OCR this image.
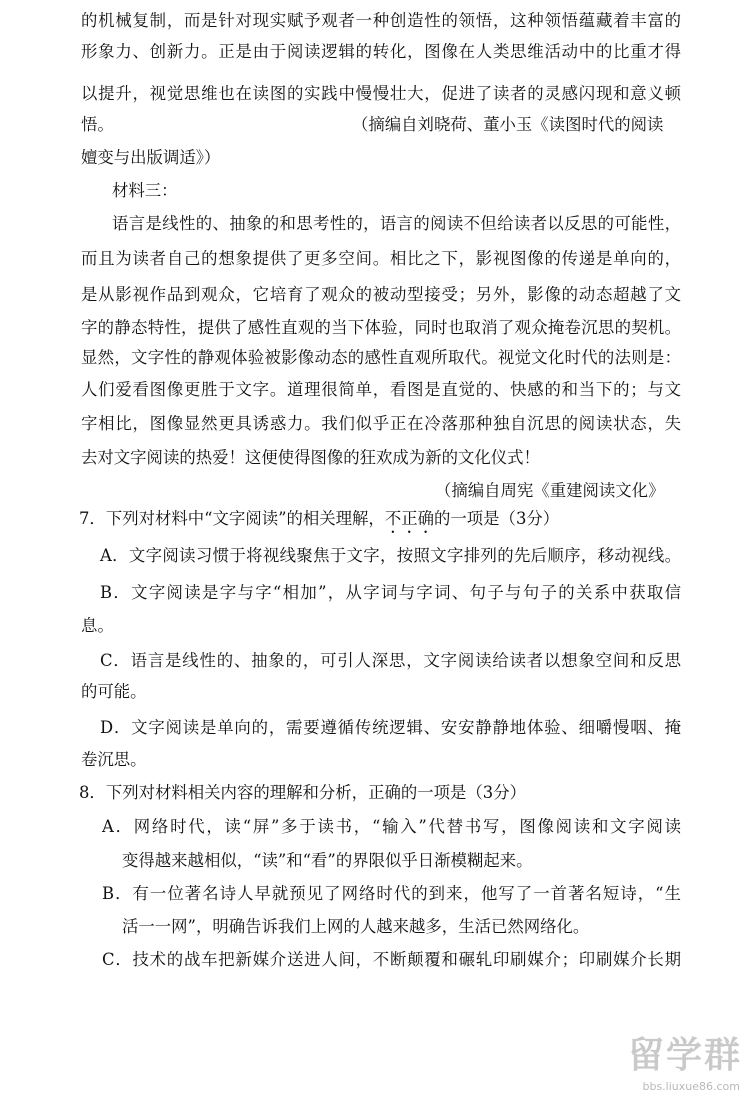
的机械复制，而是针对现实赋予观者一种创造性的领悟，这种领悟蕴藏着丰富的
形象力、创新力。正是由于阅读逻辑的转化，图像在人类思维活动中的比重才得
以提升，视觉思维也在读图的实践中慢慢壮大，促进了读者的灵感闪现和意义顿
悟。	（摘编自刘晓荷、董小玉《读图时代的阅读
嬗变与出版调适》）
材料三：
语言是线性的、抽象的和思考性的，语言的阅读不但给读者以反思的可能性，
而且为读者自己的想象提供了更多空间。相比之下，影视图像的传递是单向的，
是从影视作品到观众，它培育了观众的被动型接受；另外，影像的动态超越了文
字的静态特性，提供了感性直观的当下体验，同时也取消了观众掩卷沉思的契机。
显然，文字性的静观体验被影像动态的感性直观所取代。视觉文化时代的法则是：
人们爱看图像更胜于文字。道理很简单，看图是直觉的、快感的和当下的；与文
字相比，图像显然更具诱惑力。我们似乎正在冷落那种独自沉思的阅读状态，失
去对文字阅读的热爱！这便使得图像的狂欢成为新的文化仪式！
（摘编自周宪《重建阅读文化》
7．下列对材料中“文字阅读”的相关理解，不正确的一项是（3分）
A．文字阅读习惯于将视线聚焦于文字，按照文字排列的先后顺序，移动视线。
B．文字阅读是字与字“相加”，从字词与字词、句子与句子的关系中获取信
息。
C．语言是线性的、抽象的，可引人深思，文字阅读给读者以想象空间和反思
的可能。
D．文字阅读是单向的，需要遵循传统逻辑、安安静静地体验、细嚼慢咽、掩
卷沉思。
8．下列对材料相关内容的理解和分析，正确的一项是（3分）
A．网络时代，读“屏”多于读书，“输入”代替书写，图像阅读和文字阅读
变得越来越相似，“读”和“看”的界限似乎日渐模糊起来。
B．有一位著名诗人早就预见了网络时代的到来，他写了一首著名短诗，“生
活一一网”，明确告诉我们上网的人越来越多，生活已然网络化。
C．技术的战车把新媒介送进人间，不断颠覆和碾轧印刷媒介；印刷媒介长期
留学群
bbs.liuxue86.com
